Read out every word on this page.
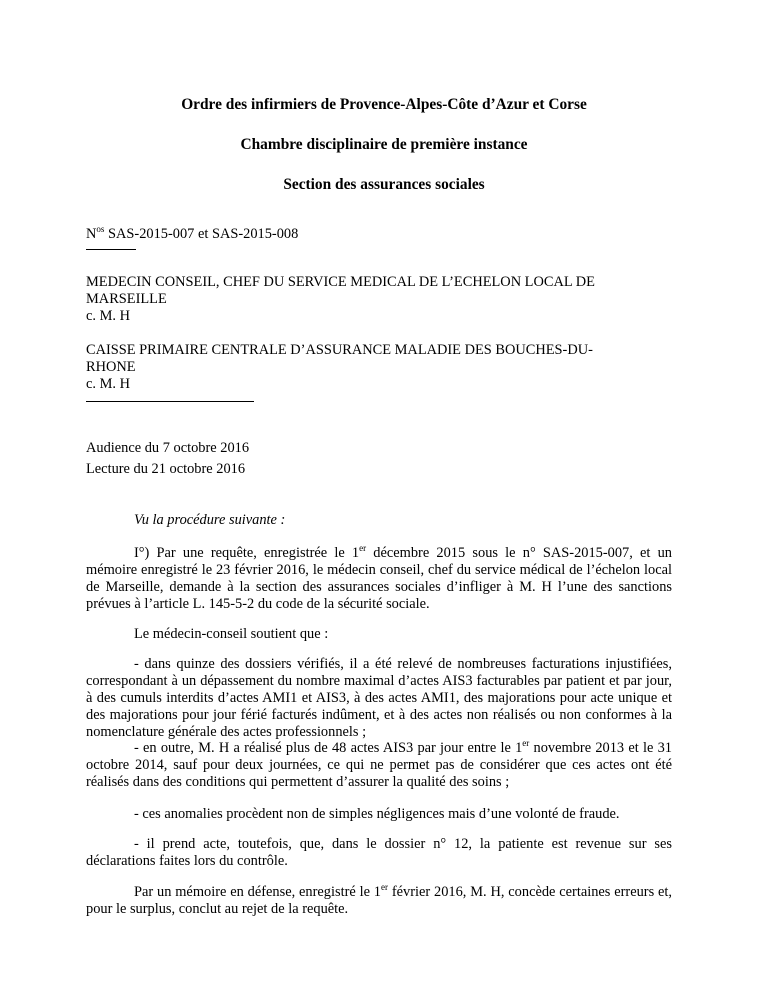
Ordre des infirmiers de Provence-Alpes-Côte d’Azur et Corse
Chambre disciplinaire de première instance
Section des assurances sociales
$N^{os}$ SAS-2015-007 et SAS-2015-008
MEDECIN CONSEIL, CHEF DU SERVICE MEDICAL DE L’ECHELON LOCAL DE
MARSEILLE
c. M. H
CAISSE PRIMAIRE CENTRALE D’ASSURANCE MALADIE DES BOUCHES-DU-
RHONE
c. M. H
Audience du 7 octobre 2016
Lecture du 21 octobre 2016
Vu la procédure suivante :
I°) Par une requête, enregistrée le 1er décembre 2015 sous le n° SAS-2015-007, et un mémoire enregistré le 23 février 2016, le médecin conseil, chef du service médical de l’échelon local de Marseille, demande à la section des assurances sociales d’infliger à M. H l’une des sanctions prévues à l’article L. 145-5-2 du code de la sécurité sociale.
Le médecin-conseil soutient que :
- dans quinze des dossiers vérifiés, il a été relevé de nombreuses facturations injustifiées, correspondant à un dépassement du nombre maximal d’actes AIS3 facturables par patient et par jour, à des cumuls interdits d’actes AMI1 et AIS3, à des actes AMI1, des majorations pour acte unique et des majorations pour jour férié facturés indûment, et à des actes non réalisés ou non conformes à la nomenclature générale des actes professionnels ;
- en outre, M. H a réalisé plus de 48 actes AIS3 par jour entre le 1er novembre 2013 et le 31 octobre 2014, sauf pour deux journées, ce qui ne permet pas de considérer que ces actes ont été réalisés dans des conditions qui permettent d’assurer la qualité des soins ;
- ces anomalies procèdent non de simples négligences mais d’une volonté de fraude.
- il prend acte, toutefois, que, dans le dossier n° 12, la patiente est revenue sur ses déclarations faites lors du contrôle.
Par un mémoire en défense, enregistré le 1er février 2016, M. H, concède certaines erreurs et, pour le surplus, conclut au rejet de la requête.
